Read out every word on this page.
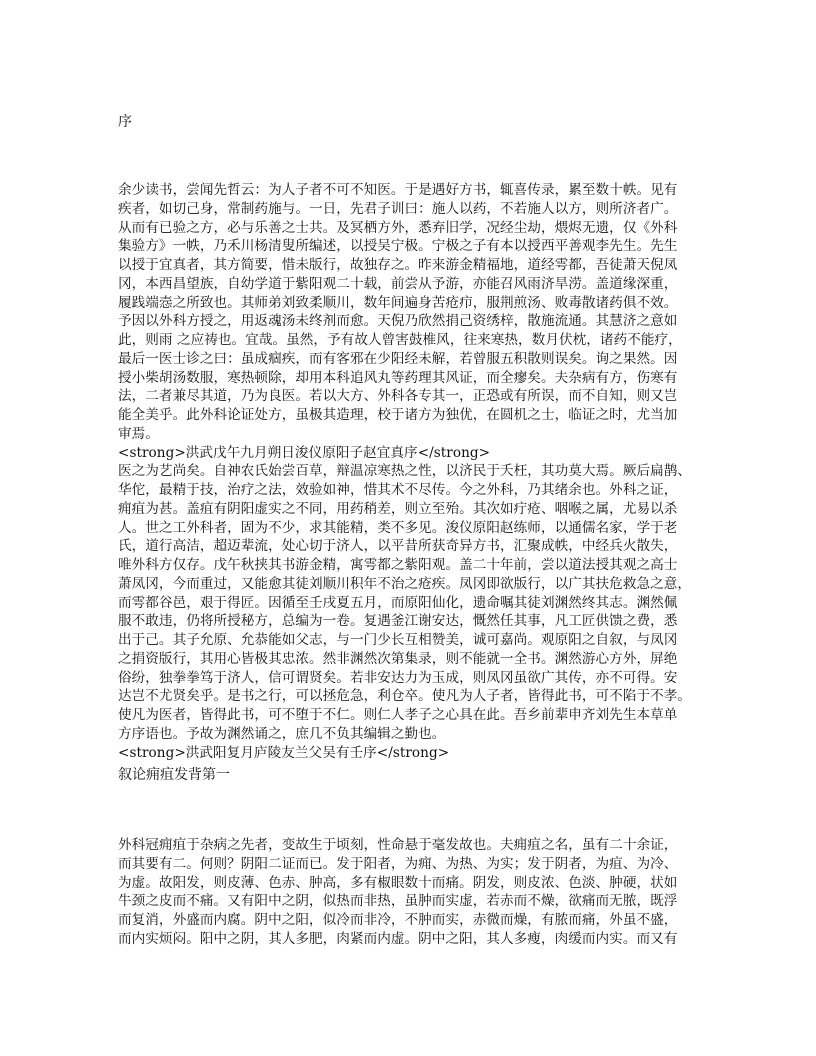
序
余少读书，尝闻先哲云：为人子者不可不知医。于是遇好方书，辄喜传录，累至数十帙。见有
疾者，如切己身，常制药施与。一日，先君子训曰：施人以药，不若施人以方，则所济者广。
从而有已验之方，必与乐善之士共。及冥栖方外，悉弃旧学，况经尘劫，煨烬无遗，仅《外科
集验方》一帙，乃禾川杨清叟所编述，以授吴宁极。宁极之子有本以授西平善观李先生。先生
以授于宜真者，其方简要，惜未版行，故独存之。昨来游金精福地，道经雩都，吾徒萧天倪凤
冈，本西昌望族，自幼学道于紫阳观二十载，前尝从予游，亦能召风雨济旱涝。盖道缘深重，
履践端悫之所致也。其师弟刘致柔顺川，数年间遍身苦疮疖，服荆煎汤、败毒散诸药俱不效。
予因以外科方授之，用返魂汤未终剂而愈。天倪乃欣然捐己资绣梓，散施流通。其慧济之意如
此，则雨 之应祷也。宜哉。虽然，予有故人曾害鼓椎风，往来寒热，数月伏枕，诸药不能疗，
最后一医士诊之曰：虽成痼疾，而有客邪在少阳经未解，若曾服五积散则误矣。询之果然。因
授小柴胡汤数服，寒热顿除，却用本科追风丸等药理其风证，而全瘳矣。夫杂病有方，伤寒有
法，二者兼尽其道，乃为良医。若以大方、外科各专其一，正恐或有所误，而不自知，则又岂
能全美乎。此外科论证处方，虽极其造理，校于诸方为独优，在圆机之士，临证之时，尤当加
审焉。
<strong>洪武戊午九月朔日浚仪原阳子赵宜真序</strong>
医之为艺尚矣。自神农氏始尝百草，辩温凉寒热之性，以济民于夭枉，其功莫大焉。厥后扁鹊、
华佗，最精于技，治疗之法，效验如神，惜其术不尽传。今之外科，乃其绪余也。外科之证，
痈疽为甚。盖疽有阴阳虚实之不同，用药稍差，则立至殆。其次如疔疮、咽喉之属，尤易以杀
人。世之工外科者，固为不少，求其能精，类不多见。浚仪原阳赵练师，以通儒名家，学于老
氏，道行高洁，超迈辈流，处心切于济人，以平昔所获奇异方书，汇聚成帙，中经兵火散失，
唯外科方仅存。戊午秋挟其书游金精，寓雩都之紫阳观。盖二十年前，尝以道法授其观之高士
萧凤冈，今而重过，又能愈其徒刘顺川积年不治之疮疾。凤冈即欲版行，以广其扶危救急之意，
而雩都谷邑，艰于得匠。因循至壬戌夏五月，而原阳仙化，遗命嘱其徒刘渊然终其志。渊然佩
服不敢违，仍将所授秘方，总编为一卷。复遇釜江谢安达，慨然任其事，凡工匠供馈之费，悉
出于己。其子允原、允恭能如父志，与一门少长互相赞美，诚可嘉尚。观原阳之自叙，与凤冈
之捐资版行，其用心皆极其忠浓。然非渊然次第集录，则不能就一全书。渊然游心方外，屏绝
俗纷，独拳拳笃于济人，信可谓贤矣。若非安达力为玉成，则凤冈虽欲广其传，亦不可得。安
达岂不尤贤矣乎。是书之行，可以拯危急，利仓卒。使凡为人子者，皆得此书，可不陷于不孝。
使凡为医者，皆得此书，可不堕于不仁。则仁人孝子之心具在此。吾乡前辈申齐刘先生本草单
方序语也。予故为渊然诵之，庶几不负其编辑之勤也。
<strong>洪武阳复月庐陵友兰父吴有壬序</strong>
叙论痈疽发背第一
外科冠痈疽于杂病之先者，变故生于顷刻，性命悬于毫发故也。夫痈疽之名，虽有二十余证，
而其要有二。何则？阴阳二证而已。发于阳者，为痈、为热、为实；发于阴者，为疽、为冷、
为虚。故阳发，则皮薄、色赤、肿高，多有椒眼数十而痛。阴发，则皮浓、色淡、肿硬，状如
牛颈之皮而不痛。又有阳中之阴，似热而非热，虽肿而实虚，若赤而不燥，欲痛而无脓，既浮
而复消，外盛而内腐。阴中之阳，似冷而非冷，不肿而实，赤微而燥，有脓而痛，外虽不盛，
而内实烦闷。阳中之阴，其人多肥，肉紧而内虚。阴中之阳，其人多瘦，肉缓而内实。而又有
